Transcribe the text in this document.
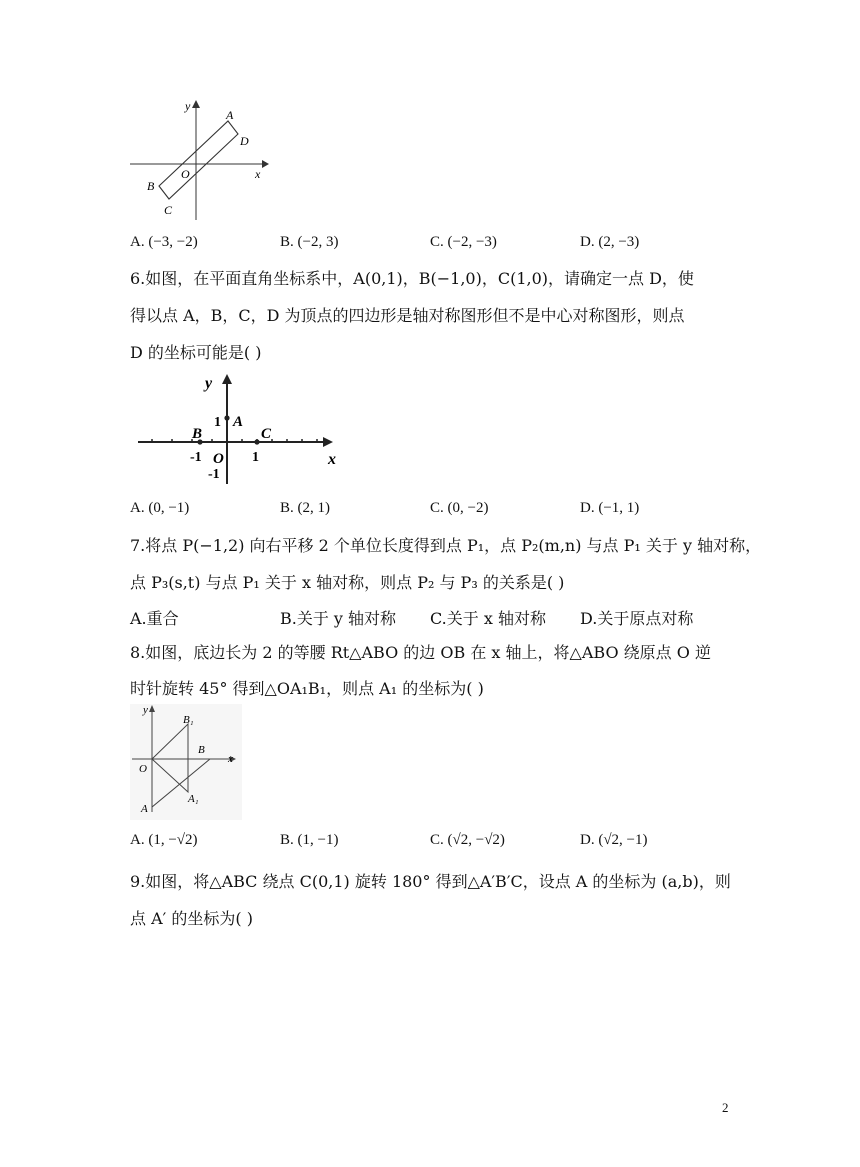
y
x
O
A
D
B
C
A. (−3, −2)	B. (−2, 3)	C. (−2, −3)	D. (2, −3)
6.如图，在平面直角坐标系中，A(0,1)，B(−1,0)，C(1,0)，请确定一点 D，使
得以点 A，B，C，D 为顶点的四边形是轴对称图形但不是中心对称图形，则点
D 的坐标可能是( )
y
x
1 A
B	C
-1 O 1
-1
A. (0, −1)	B. (2, 1)	C. (0, −2)	D. (−1, 1)
7.将点 P(−1,2) 向右平移 2 个单位长度得到点 P₁，点 P₂(m,n) 与点 P₁ 关于 y 轴对称，
点 P₃(s,t) 与点 P₁ 关于 x 轴对称，则点 P₂ 与 P₃ 的关系是( )
A.重合	B.关于 y 轴对称 C.关于 x 轴对称 D.关于原点对称
8.如图，底边长为 2 的等腰 Rt△ABO 的边 OB 在 x 轴上，将△ABO 绕原点 O 逆
时针旋转 45° 得到△OA₁B₁，则点 A₁ 的坐标为( )
y
x
O
B
B₁
A₁
A
A. (1, −√2)	B. (1, −1)	C. (√2, −√2)	D. (√2, −1)
9.如图，将△ABC 绕点 C(0,1) 旋转 180° 得到△A′B′C，设点 A 的坐标为 (a,b)，则
点 A′ 的坐标为( )
2
